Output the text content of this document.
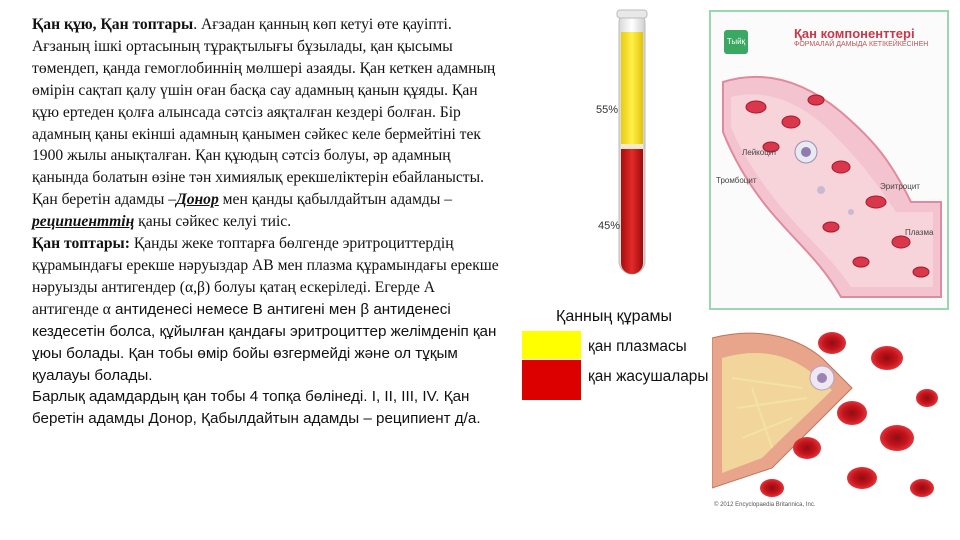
Қан құю, Қан топтары. Ағзадан қанның көп кетуі өте қауіпті. Ағзаның ішкі ортасының тұрақтылығы бұзылады, қан қысымы төмендеп, қанда гемоглобиннің мөлшері азаяды. Қан кеткен адамның өмірін сақтап қалу үшін оған басқа сау адамның қанын құяды. Қан құю ертеден қолға алынсада сәтсіз аяқталған кездері болған. Бір адамның қаны екінші адамның қанымен сәйкес келе бермейтіні тек 1900 жылы анықталған. Қан құюдың сәтсіз болуы, әр адамның қанында болатын өзіне тән химиялық ерекшеліктерін ебайланысты. Қан беретін адамды –Донор мен қанды қабылдайтын адамды –реципиенттің қаны сәйкес келуі тиіс.
Қан топтары: Қанды жеке топтарға бөлгенде эритроциттердің құрамындағы ерекше нәруыздар АВ мен плазма құрамындағы ерекше нәруызды антигендер (α,β) болуы қатаң ескеріледі. Егерде А антигенде α антиденесі немесе В антигені мен β антиденесі кездесетін болса, құйылған қандағы эритроциттер желімденіп қан ұюы болады. Қан тобы өмір бойы өзгермейді және ол тұқым қуалауы болады.
Барлық адамдардың қан тобы 4 топқа бөлінеді. I, II, III, IV. Қан беретін адамды Донор, Қабылдайтын адамды – реципиент д/а.
55%
45%
Қанның құрамы
қан плазмасы
қан жасушалары
Тыйқ
Қан компоненттері
ФОРМАЛАЙ ДАМЫДА КЕТІКЕЙКЕСІНЕН
Лейкоцит
Тромбоцит
Эритроцит
Плазма
© 2012 Encyclopaedia Britannica, Inc.
